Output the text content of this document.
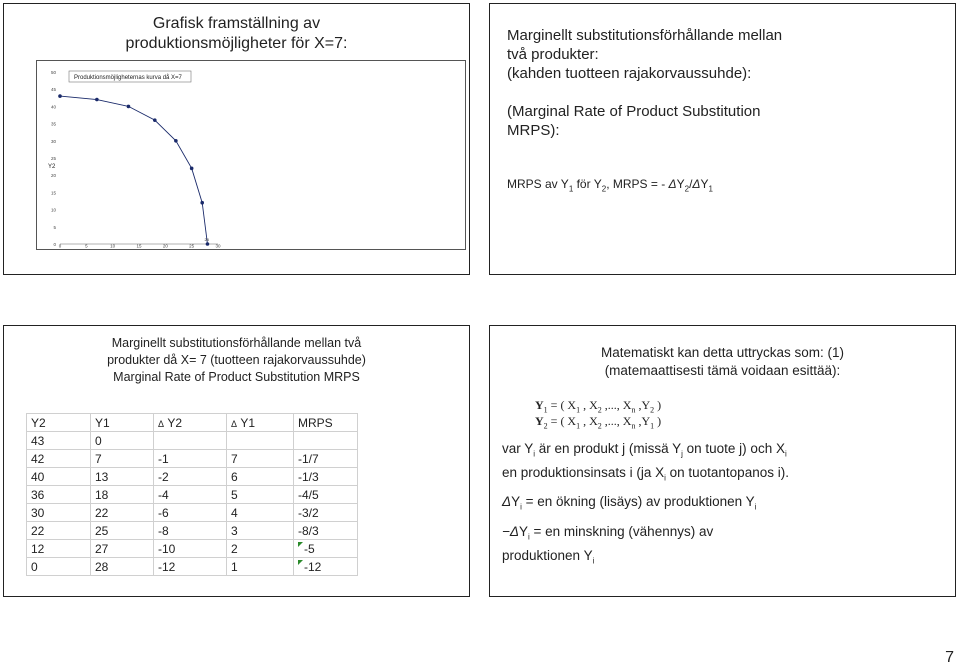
Grafisk framställning av
produktionsmöjligheter för X=7:
Produktionsmöjligheternas kurva då X=7
Y2
0
5
10
15
20
25
30
35
40
45
50
0	5	10	15	20	25	30
28
Marginellt substitutionsförhållande mellan
två produkter:
(kahden tuotteen rajakorvaussuhde):
(Marginal Rate of Product Substitution
MRPS):
MRPS av $Y_1$ för $Y_2$, MRPS = - $\Delta Y_2/\Delta Y_1$
Marginellt substitutionsförhållande mellan två
produkter då X= 7 (tuotteen rajakorvaussuhde)
Marginal Rate of Product Substitution MRPS
Y2	Y1	Δ Y2	Δ Y1	MRPS
43	0			
42	7	-1	7	-1/7
40	13	-2	6	-1/3
36	18	-4	5	-4/5
30	22	-6	4	-3/2
22	25	-8	3	-8/3
12	27	-10	2	-5
0	28	-12	1	-12
Matematiskt kan detta uttryckas som: (1)
(matemaattisesti tämä voidaan esittää):
$Y_1$ = ( $X_1$ , $X_2$ ,..., $X_n$ $,Y_2$ )
$Y_2$ = ( $X_1$ , $X_2$ ,..., $X_n$ $,Y_1$ )
var $Y_i$ är en produkt j (missä $Y_j$ on tuote j) och $X_i$
en produktionsinsats i (ja $X_i$ on tuotantopanos i).
$\Delta Y_i$ = en ökning (lisäys) av produktionen $Y_i$
$-\Delta Y_i$ = en minskning (vähennys) av
produktionen $Y_i$
7
